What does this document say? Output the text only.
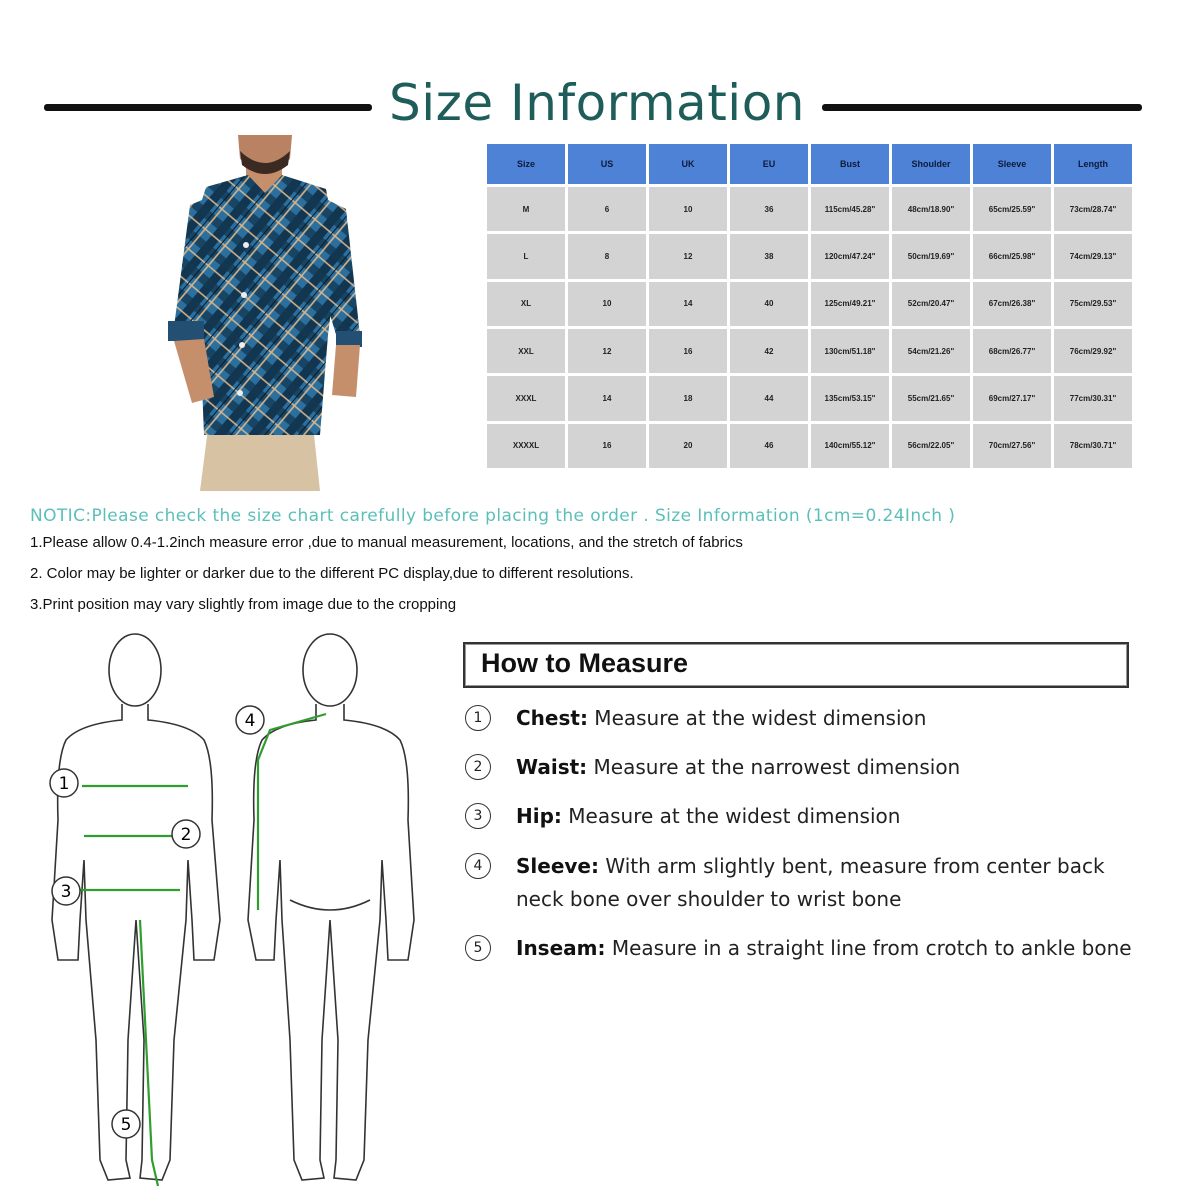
Size Information
Size	US	UK	EU	Bust	Shoulder	Sleeve	Length
M	6	10	36	115cm/45.28"	48cm/18.90"	65cm/25.59"	73cm/28.74"
L	8	12	38	120cm/47.24"	50cm/19.69"	66cm/25.98"	74cm/29.13"
XL	10	14	40	125cm/49.21"	52cm/20.47"	67cm/26.38"	75cm/29.53"
XXL	12	16	42	130cm/51.18"	54cm/21.26"	68cm/26.77"	76cm/29.92"
XXXL	14	18	44	135cm/53.15"	55cm/21.65"	69cm/27.17"	77cm/30.31"
XXXXL	16	20	46	140cm/55.12"	56cm/22.05"	70cm/27.56"	78cm/30.71"
NOTIC:Please check the size chart carefully before placing the order . Size Information (1cm=0.24Inch )
1.Please allow 0.4-1.2inch measure error ,due to manual measurement, locations, and the stretch of fabrics
2. Color may be lighter or darker due to the different PC display,due to different resolutions.
3.Print position may vary slightly from image due to the cropping
1
2
3
4
5
How to Measure
1	Chest: Measure at the widest dimension
2	Waist: Measure at the narrowest dimension
3	Hip: Measure at the widest dimension
4	Sleeve: With arm slightly bent, measure from center back neck bone over shoulder to wrist bone
5	Inseam: Measure in a straight line from crotch to ankle bone
